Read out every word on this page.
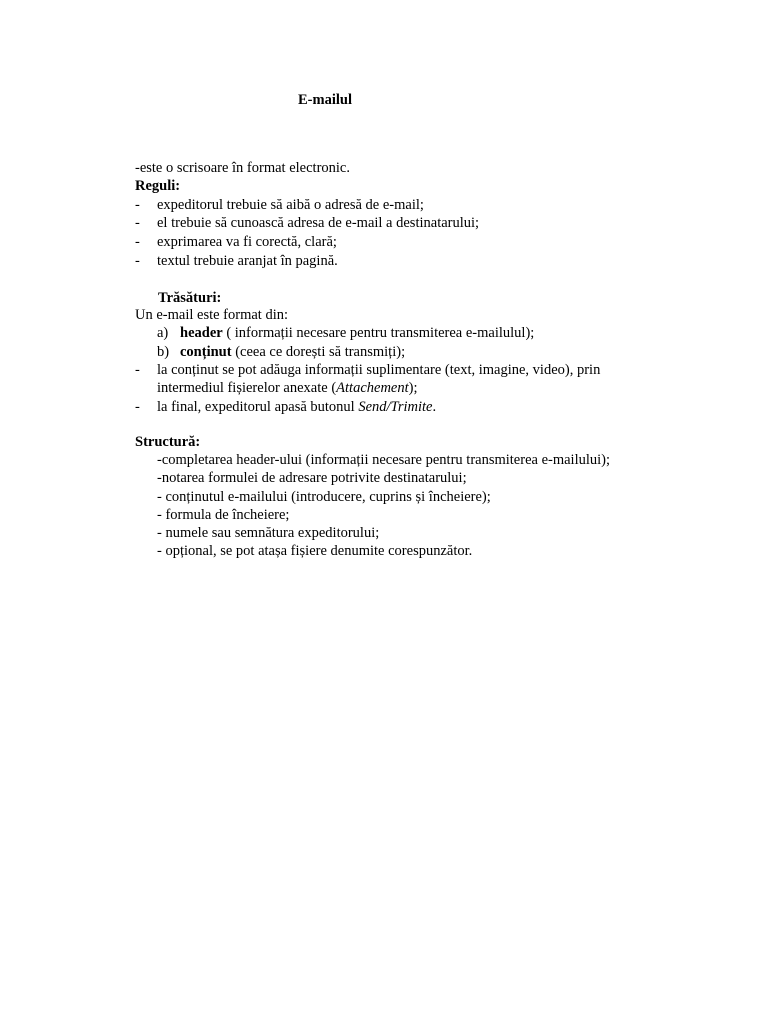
E-mailul
-este o scrisoare în format electronic.
Reguli:
- expeditorul trebuie să aibă o adresă de e-mail;
- el trebuie să cunoască adresa de e-mail a destinatarului;
- exprimarea va fi corectă, clară;
- textul trebuie aranjat în pagină.
Trăsături:
Un e-mail este format din:
a) header ( informații necesare pentru transmiterea e-mailulul);
b) conținut (ceea ce dorești să transmiți);
- la conținut se pot adăuga informații suplimentare (text, imagine, video), prin
intermediul fișierelor anexate (Attachement);
- la final, expeditorul apasă butonul Send/Trimite.
Structură:
-completarea header-ului (informații necesare pentru transmiterea e-mailului);
-notarea formulei de adresare potrivite destinatarului;
- conținutul e-mailului (introducere, cuprins și încheiere);
- formula de încheiere;
- numele sau semnătura expeditorului;
- opțional, se pot atașa fișiere denumite corespunzător.
